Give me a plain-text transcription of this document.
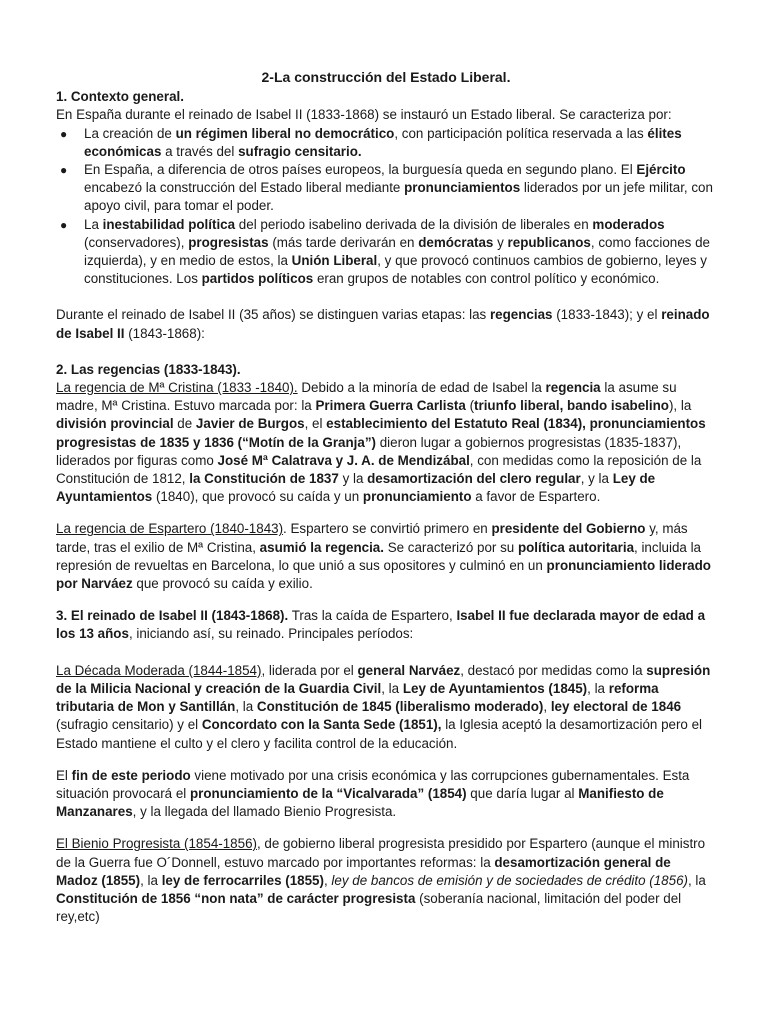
2-La construcción del Estado Liberal.

1. Contexto general.

En España durante el reinado de Isabel II (1833-1868) se instauró un Estado liberal. Se caracteriza por:

● La creación de un régimen liberal no democrático, con participación política reservada a las élites económicas a través del sufragio censitario.
● En España, a diferencia de otros países europeos, la burguesía queda en segundo plano. El Ejército encabezó la construcción del Estado liberal mediante pronunciamientos liderados por un jefe militar, con apoyo civil, para tomar el poder.
● La inestabilidad política del periodo isabelino derivada de la división de liberales en moderados (conservadores), progresistas (más tarde derivarán en demócratas y republicanos, como facciones de izquierda), y en medio de estos, la Unión Liberal, y que provocó continuos cambios de gobierno, leyes y constituciones. Los partidos políticos eran grupos de notables con control político y económico.

Durante el reinado de Isabel II (35 años) se distinguen varias etapas: las regencias (1833-1843); y el reinado de Isabel II (1843-1868):

2. Las regencias (1833-1843).

La regencia de Mª Cristina (1833 -1840). Debido a la minoría de edad de Isabel la regencia la asume su madre, Mª Cristina. Estuvo marcada por: la Primera Guerra Carlista (triunfo liberal, bando isabelino), la división provincial de Javier de Burgos, el establecimiento del Estatuto Real (1834), pronunciamientos progresistas de 1835 y 1836 (“Motín de la Granja”) dieron lugar a gobiernos progresistas (1835-1837), liderados por figuras como José Mª Calatrava y J. A. de Mendizábal, con medidas como la reposición de la Constitución de 1812, la Constitución de 1837 y la desamortización del clero regular, y la Ley de Ayuntamientos (1840), que provocó su caída y un pronunciamiento a favor de Espartero.

La regencia de Espartero (1840-1843). Espartero se convirtió primero en presidente del Gobierno y, más tarde, tras el exilio de Mª Cristina, asumió la regencia. Se caracterizó por su política autoritaria, incluida la represión de revueltas en Barcelona, lo que unió a sus opositores y culminó en un pronunciamiento liderado por Narváez que provocó su caída y exilio.

3. El reinado de Isabel II (1843-1868). Tras la caída de Espartero, Isabel II fue declarada mayor de edad a los 13 años, iniciando así, su reinado. Principales períodos:

La Década Moderada (1844-1854), liderada por el general Narváez, destacó por medidas como la supresión de la Milicia Nacional y creación de la Guardia Civil, la Ley de Ayuntamientos (1845), la reforma tributaria de Mon y Santillán, la Constitución de 1845 (liberalismo moderado), ley electoral de 1846 (sufragio censitario) y el Concordato con la Santa Sede (1851), la Iglesia aceptó la desamortización pero el Estado mantiene el culto y el clero y facilita control de la educación.

El fin de este periodo viene motivado por una crisis económica y las corrupciones gubernamentales. Esta situación provocará el pronunciamiento de la “Vicalvarada” (1854) que daría lugar al Manifiesto de Manzanares, y la llegada del llamado Bienio Progresista.

El Bienio Progresista (1854-1856), de gobierno liberal progresista presidido por Espartero (aunque el ministro de la Guerra fue O´Donnell, estuvo marcado por importantes reformas: la desamortización general de Madoz (1855), la ley de ferrocarriles (1855), ley de bancos de emisión y de sociedades de crédito (1856), la Constitución de 1856 “non nata” de carácter progresista (soberanía nacional, limitación del poder del rey,etc)
